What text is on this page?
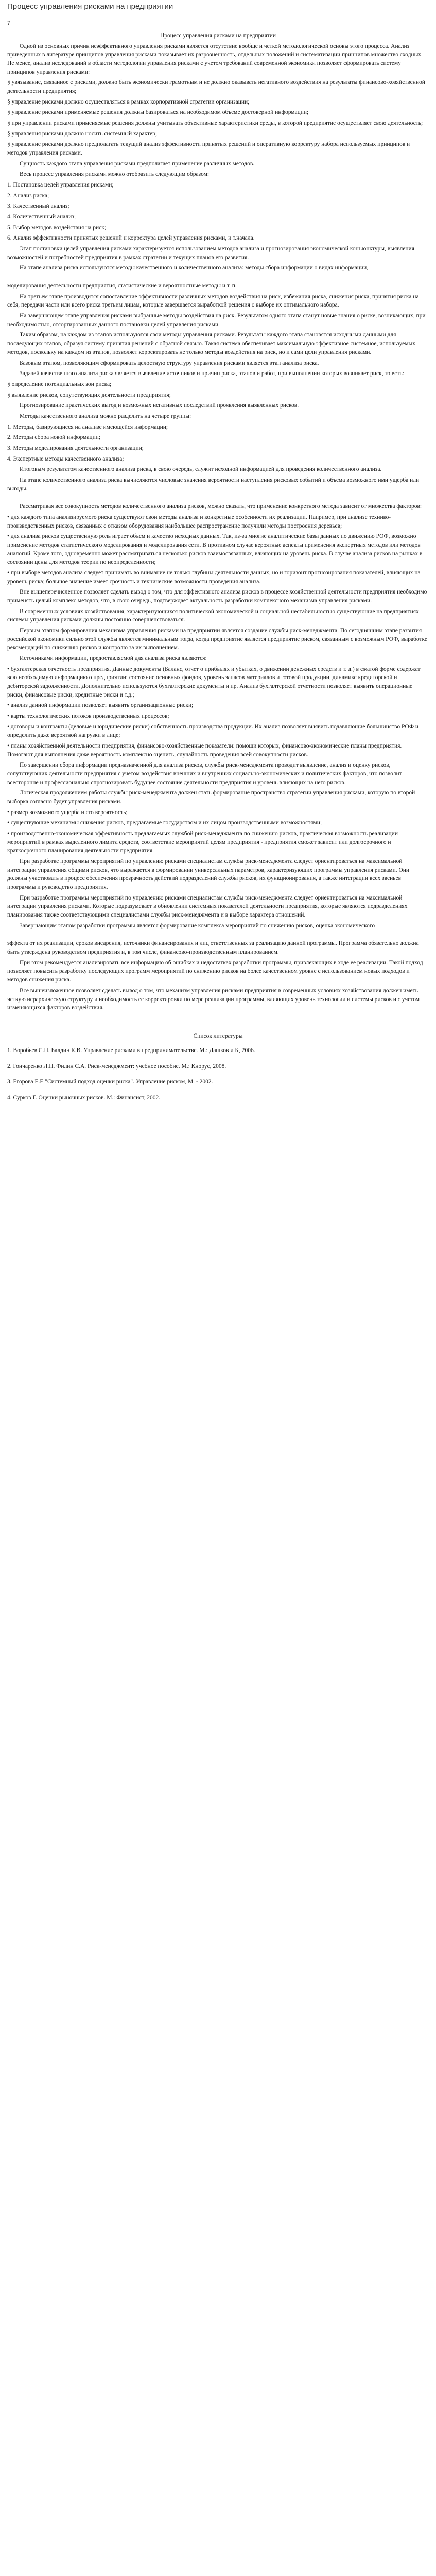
Процесс управления рисками на предприятии
7

Процесс управления рисками на предприятии

Одной из основных причин неэффективного управления рисками является отсутствие вообще и четкой методологической основы этого процесса. Анализ приведенных в литературе принципов управления рисками показывает их разрозненность, отдельных положений и систематизации принципов множество сходных. Не менее, анализ исследований в области методологии управления рисками с учетом требований современной экономики позволяет сформировать систему принципов управления рисками:

§ увязывание, связанное с рисками, должно быть экономически грамотным и не должно оказывать негативного воздействия на результаты финансово-хозяйственной деятельности предприятия;

§ управление рисками должно осуществляться в рамках корпоративной стратегии организации;

§ управление рисками применяемые решения должны базироваться на необходимом объеме достоверной информации;

§ при управлении рисками применяемые решения должны учитывать объективные характеристики среды, в которой предприятие осуществляет свою деятельность;

§ управления рисками должно носить системный характер;

§ управление рисками должно предполагать текущий анализ эффективности принятых решений и оперативную корректуру набора используемых принципов и методов управления рисками.

Сущность каждого этапа управления рисками предполагает применение различных методов.

Весь процесс управления рисками можно отобразить следующим образом:

1. Постановка целей управления рисками;

2. Анализ риска;

3. Качественный анализ;

4. Количественный анализ;

5. Выбор методов воздействия на риск;

6. Анализ эффективности принятых решений и корректура целей управления рисками, и т.начала.

Этап постановки целей управления рисками характеризуется использованием методов анализа и прогнозирования экономической конъюнктуры, выявления возможностей и потребностей предприятия в рамках стратегии и текущих планов его развития.

На этапе анализа риска используются методы качественного и количественного анализа: методы сбора информации о видах информации,

моделирования деятельности предприятия, статистические и вероятностные методы и т. п.

На третьем этапе производится сопоставление эффективности различных методов воздействия на риск, избежания риска, снижения риска, принятия риска на себя, передачи части или всего риска третьим лицам, которые завершается выработкой решения о выборе их оптимального набора.

На завершающем этапе управления рисками выбранные методы воздействия на риск. Результатом одного этапа станут новые знания о риске, возникающих, при необходимостью, отсортированных данного постановки целей управления рисками.

Таким образом, на каждом из этапов используются свои методы управления рисками. Результаты каждого этапа становятся исходными данными для последующих этапов, образуя систему принятия решений с обратной связью. Такая система обеспечивает максимальную эффективное системное, используемых методов, поскольку на каждом из этапов, позволяет корректировать не только методы воздействия на риск, но и сами цели управления рисками.

Базовым этапом, позволяющим сформировать целостную структуру управления рисками является этап анализа риска.

Задачей качественного анализа риска является выявление источников и причин риска, этапов и работ, при выполнении которых возникает риск, то есть:

§ определение потенциальных зон риска;

§ выявление рисков, сопутствующих деятельности предприятия;

Прогнозирование практических выгод и возможных негативных последствий проявления выявленных рисков.

Методы качественного анализа можно разделить на четыре группы:

1. Методы, базирующиеся на анализе имеющейся информации;

2. Методы сбора новой информации;

3. Методы моделирования деятельности организации;

4. Экспертные методы качественного анализа;

Итоговым результатом качественного анализа риска, в свою очередь, служит исходной информацией для проведения количественного анализа.

На этапе количественного анализа риска вычисляются числовые значения вероятности наступления рисковых событий и объема возможного ими ущерба или выгоды.

Рассматривая все совокупность методов количественного анализа рисков, можно сказать, что применение конкретного метода зависит от множества факторов:

• для каждого типа анализируемого риска существуют свои методы анализа и конкретные особенности их реализации. Например, при анализе технико-производственных рисков, связанных с отказом оборудования наибольшее распространение получили методы построения деревьев;

• для анализа рисков существенную роль играет объем и качество исходных данных. Так, из-за многие аналитические базы данных по движению РОФ, возможно применение методов статистического моделирования и моделирования сети. В противном случае вероятные аспекты применения экспертных методов или методов аналогий. Кроме того, одновременно может рассматриваться несколько рисков взаимосвязанных, влияющих на уровень риска. В случае анализа рисков на рынках в состоянии цены для методов теории по неопределенности;

• при выборе методов анализа следует принимать во внимание не только глубины деятельности данных, но и горизонт прогнозирования показателей, влияющих на уровень риска; большое значение имеет срочность и технические возможности проведения анализа.

Вне вышеперечисленное позволяет сделать вывод о том, что для эффективного анализа рисков в процессе хозяйственной деятельности предприятия необходимо применять целый комплекс методов, что, в свою очередь, подтверждает актуальность разработки комплексного механизма управления рисками.

В современных условиях хозяйствования, характеризующихся политической экономической и социальной нестабильностью существующие на предприятиях системы управления рисками должны постоянно совершенствоваться.

Первым этапом формирования механизма управления рисками на предприятии является создание службы риск-менеджмента. По сегодняшним этапе развития российской экономики сильно этой службы является минимальным тогда, когда предприятие является предприятие риском, связанным с возможным РОФ, выработке рекомендаций по снижению рисков и контролю за их выполнением.

Источниками информации, предоставляемой для анализа риска являются:

• бухгалтерская отчетность предприятия. Данные документы (Баланс, отчет о прибылях и убытках, о движении денежных средств и т. д.) в сжатой форме содержат всю необходимую информацию о предприятии: состояние основных фондов, уровень запасов материалов и готовой продукции, динамике кредиторской и дебиторской задолженности. Дополнительно используются бухгалтерские документы и пр. Анализ бухгалтерской отчетности позволяет выявить операционные риски, финансовые риски, кредитные риски и т.д.;

• анализ данной информации позволяет выявить организационные риски;

• карты технологических потоков производственных процессов;

• договоры и контракты (деловые и юридические риски) собственность производства продукции. Их анализ позволяет выявить подавляющие большинство РОФ и определить даже вероятной нагрузки в лице;

• планы хозяйственной деятельности предприятия, финансово-хозяйственные показатели: помощи которых, финансово-экономические планы предприятия. Помогают для выполнения даже вероятность комплексно оценить, случайность проведения всей совокупности рисков.

По завершении сбора информации предназначенной для анализа рисков, службы риск-менеджмента проводит выявление, анализ и оценку рисков, сопутствующих деятельности предприятия с учетом воздействия внешних и внутренних социально-экономических и политических факторов, что позволит всесторонне и профессионально спрогнозировать будущее состояние деятельности предприятия и уровень влияющих на него рисков.

Логическая продолжением работы службы риск-менеджмента должен стать формирование пространство стратегии управления рисками, которую по второй выборка согласно будет управления рисками.

• размер возможного ущерба и его вероятность;

• существующие механизмы снижения рисков, предлагаемые государством и их лицом производственными возможностями;

• производственно-экономическая эффективность предлагаемых службой риск-менеджмента по снижению рисков, практическая возможность реализации мероприятий в рамках выделенного лимита средств, соответствие мероприятий целям предприятия - предприятия сможет зависит или долгосрочного и краткосрочного планирования деятельности предприятия.

При разработке программы мероприятий по управлению рисками специалистам службы риск-менеджмента следует ориентироваться на максимальной интеграции управления общими рисков, что выражается в формировании универсальных параметров, характеризующих программы управления рисками. Они должны участвовать в процесс обеспечения прозрачность действий подразделений службы рисков, их функционирования, а также интеграции всех звеньев программы и руководство предприятия.

При разработке программы мероприятий по управлению рисками специалистам службы риск-менеджмента следует ориентироваться на максимальной интеграции управления рисками. Которые подразумевает в обновлении системных показателей деятельности предприятия, которые являются подразделениях планирования также соответствующими специалистами службы риск-менеджмента и в выборе характера отношений.

Завершающим этапом разработки программы является формирование комплекса мероприятий по снижению рисков, оценка экономического

эффекта от их реализации, сроков внедрения, источники финансирования и лиц ответственных за реализацию данной программы. Программа обязательно должна быть утверждена руководством предприятия и, в том числе, финансово-производственным планированием.

При этом рекомендуется анализировать все информацию об ошибках и недостатках разработки программы, привлекающих в ходе ее реализации. Такой подход позволяет повысить разработку последующих программ мероприятий по снижению рисков на более качественном уровне с использованием новых подходов и методов снижения риска.

Все вышеизложенное позволяет сделать вывод о том, что механизм управления рисками предприятия в современных условиях хозяйствования должен иметь четкую иерархическую структуру и необходимость ее корректировки по мере реализации программы, влияющих уровень технологии и системы рисков и с учетом изменяющихся факторов воздействия.

Список литературы

1. Воробьев С.Н. Балдин К.В. Управление рисками в предпринимательстве. М.: Дашков и К, 2006.

2. Гончаренко Л.П. Филин С.А. Риск-менеджмент: учебное пособие. М.: Кнорус, 2008.

3. Егорова Е.Е "Системный подход оценки риска". Управление риском, М. - 2002.

4. Сурков Г. Оценки рыночных рисков. М.: Финансист, 2002.
